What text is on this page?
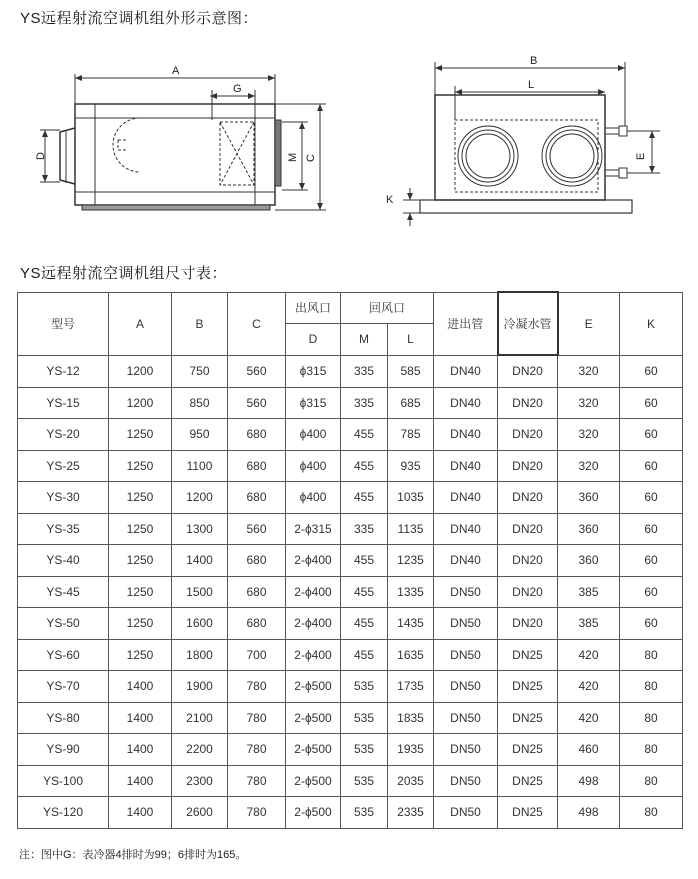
YS远程射流空调机组外形示意图：
A
G
D	M C
B
L
E
K
YS远程射流空调机组尺寸表：
型号	A	B	C	出风口	回风口		进出管	冷凝水管	E	K
				D	M	L				
YS-12	1200	750	560	ϕ315	335	585	DN40	DN20	320	60
YS-15	1200	850	560	ϕ315	335	685	DN40	DN20	320	60
YS-20	1250	950	680	ϕ400	455	785	DN40	DN20	320	60
YS-25	1250	1100	680	ϕ400	455	935	DN40	DN20	320	60
YS-30	1250	1200	680	ϕ400	455	1035	DN40	DN20	360	60
YS-35	1250	1300	560	2-ϕ315	335	1135	DN40	DN20	360	60
YS-40	1250	1400	680	2-ϕ400	455	1235	DN40	DN20	360	60
YS-45	1250	1500	680	2-ϕ400	455	1335	DN50	DN20	385	60
YS-50	1250	1600	680	2-ϕ400	455	1435	DN50	DN20	385	60
YS-60	1250	1800	700	2-ϕ400	455	1635	DN50	DN25	420	80
YS-70	1400	1900	780	2-ϕ500	535	1735	DN50	DN25	420	80
YS-80	1400	2100	780	2-ϕ500	535	1835	DN50	DN25	420	80
YS-90	1400	2200	780	2-ϕ500	535	1935	DN50	DN25	460	80
YS-100	1400	2300	780	2-ϕ500	535	2035	DN50	DN25	498	80
YS-120	1400	2600	780	2-ϕ500	535	2335	DN50	DN25	498	80
注：图中G：表冷器4排时为99；6排时为165。
